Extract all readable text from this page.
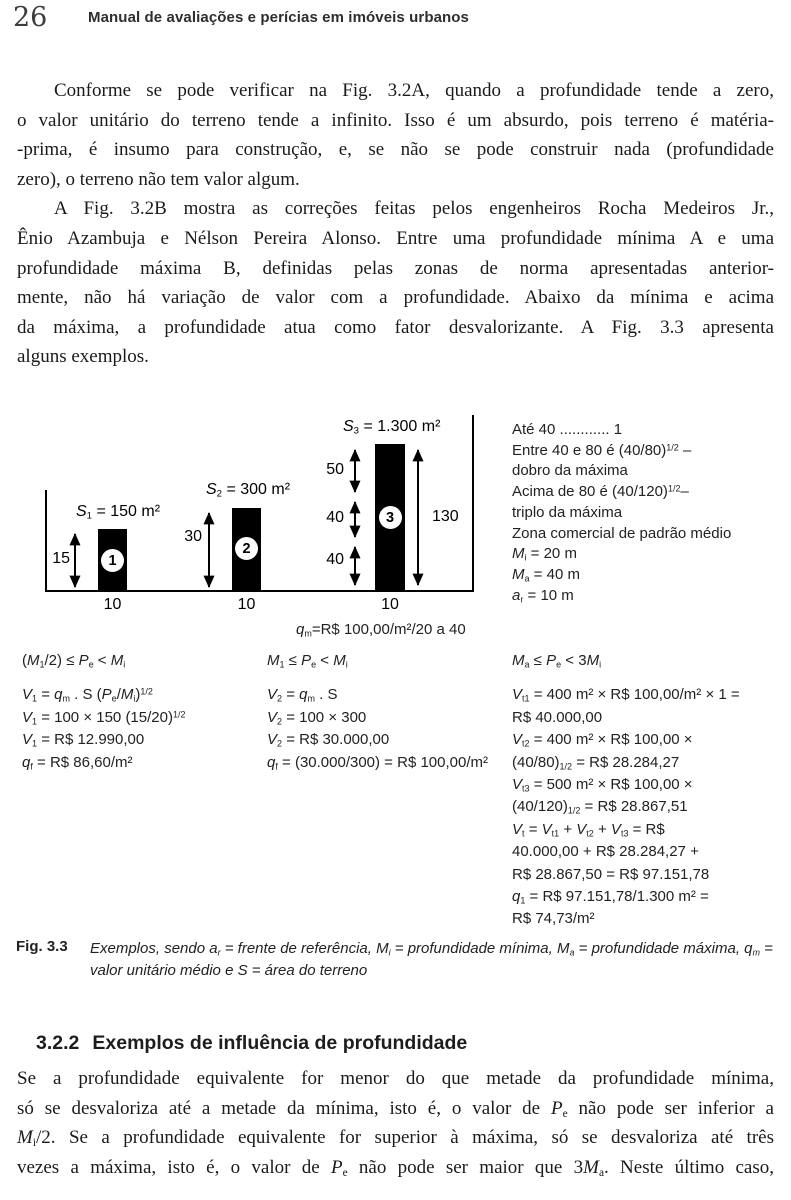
26	Manual de avaliações e perícias em imóveis urbanos
Conforme se pode verificar na Fig. 3.2A, quando a profundidade tende a zero,
o valor unitário do terreno tende a infinito. Isso é um absurdo, pois terreno é matéria-
-prima, é insumo para construção, e, se não se pode construir nada (profundidade
zero), o terreno não tem valor algum.
A Fig. 3.2B mostra as correções feitas pelos engenheiros Rocha Medeiros Jr.,
Ênio Azambuja e Nélson Pereira Alonso. Entre uma profundidade mínima A e uma
profundidade máxima B, definidas pelas zonas de norma apresentadas anterior-
mente, não há variação de valor com a profundidade. Abaixo da mínima e acima
da máxima, a profundidade atua como fator desvalorizante. A Fig. 3.3 apresenta
alguns exemplos.
$S_1 = 150$ m²
$S_2 = 300$ m²
$S_3 = 1.300$ m²
15
30
50
40
40
130
10	10	10
1
2
3
Até 40 ............ 1
Entre 40 e 80 é $(40/80)^{1/2}$ –
dobro da máxima
Acima de 80 é $(40/120)^{1/2}-$
triplo da máxima
Zona comercial de padrão médio
$M_i = 20$ m
$M_a = 40$ m
$a_r = 10$ m
$q_m=R\$$ 100,00/m²/20 a 40
$(M_1/2) \le P_e < M_i$
$V_1 = q_m$ . S $(P_e/M_i)^{1/2}$
$V_1 = 100 \times 150$ $(15/20)^{1/2}$
$V_1$ = R$ 12.990,00
$q_f$ = R$ 86,60/m²
$M_1 \le P_e < M_i$
$V_2 = q_m$ . S
$V_2 = 100 \times 300$
$V_2$ = R$ 30.000,00
$q_f = (30.000/300)$ = R$ 100,00/m²
$M_a \le P_e < 3M_i$
$V_{t1} = 400$ m² × R$ 100,00/m² × 1 =
R$ 40.000,00
$V_{t2} = 400$ m² × R$ 100,00 ×
$(40/80)_{1/2}$ = R$ 28.284,27
$V_{t3} = 500$ m² × R$ 100,00 ×
$(40/120)_{1/2}$ = R$ 28.867,51
$V_t = V_{t1} + V_{t2} + V_{t3}$ = R$
40.000,00 + R$ 28.284,27 +
R$ 28.867,50 = R$ 97.151,78
$q_1$ = R$ 97.151,78/1.300 m² =
R$ 74,73/m²
Fig. 3.3	Exemplos, sendo $a_r$ = frente de referência, $M_i$ = profundidade mínima, $M_a$ = profundidade máxima, $q_m$ = valor unitário médio e S = área do terreno
3.2.2 Exemplos de influência de profundidade
Se a profundidade equivalente for menor do que metade da profundidade mínima,
só se desvaloriza até a metade da mínima, isto é, o valor de $P_e$ não pode ser inferior a
$M_i/2$. Se a profundidade equivalente for superior à máxima, só se desvaloriza até três
vezes a máxima, isto é, o valor de $P_e$ não pode ser maior que $3M_a$. Neste último caso,
